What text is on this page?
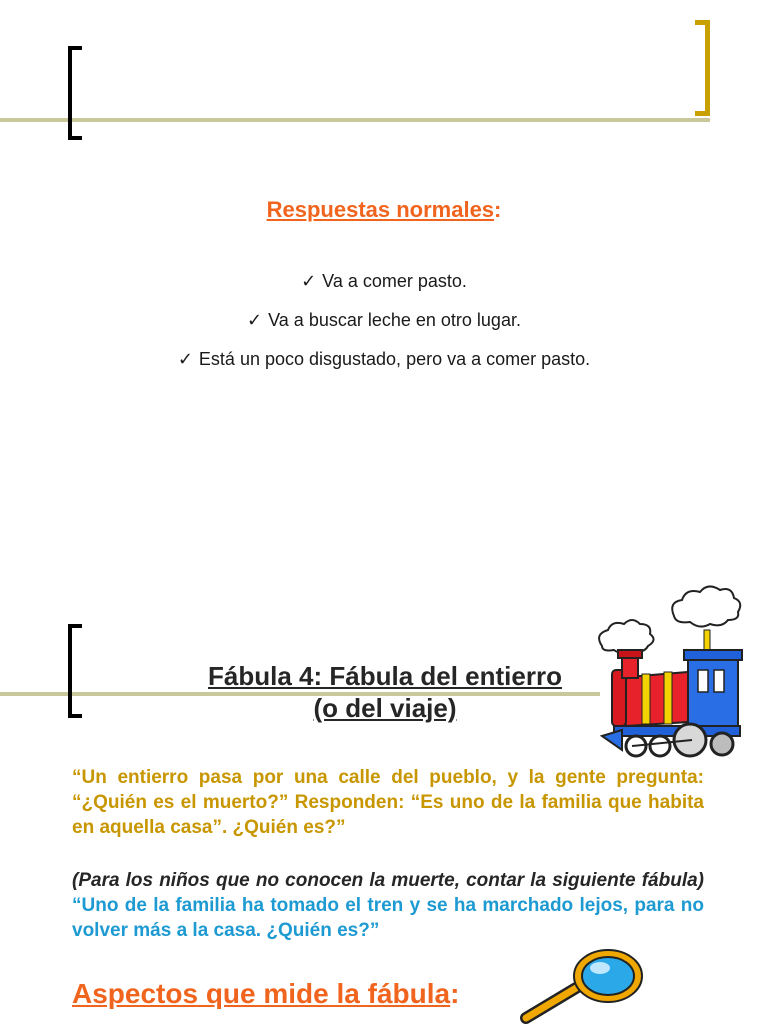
Respuestas normales:
✓ Va a comer pasto.
✓ Va a buscar leche en otro lugar.
✓ Está un poco disgustado, pero va a comer pasto.
Fábula 4: Fábula del entierro
(o del viaje)

“Un entierro pasa por una calle del pueblo, y la gente pregunta: “¿Quién es el muerto?” Responden: “Es uno de la familia que habita en aquella casa”. ¿Quién es?”

(Para los niños que no conocen la muerte, contar la siguiente fábula) “Uno de la familia ha tomado el tren y se ha marchado lejos, para no volver más a la casa. ¿Quién es?”

Aspectos que mide la fábula:
